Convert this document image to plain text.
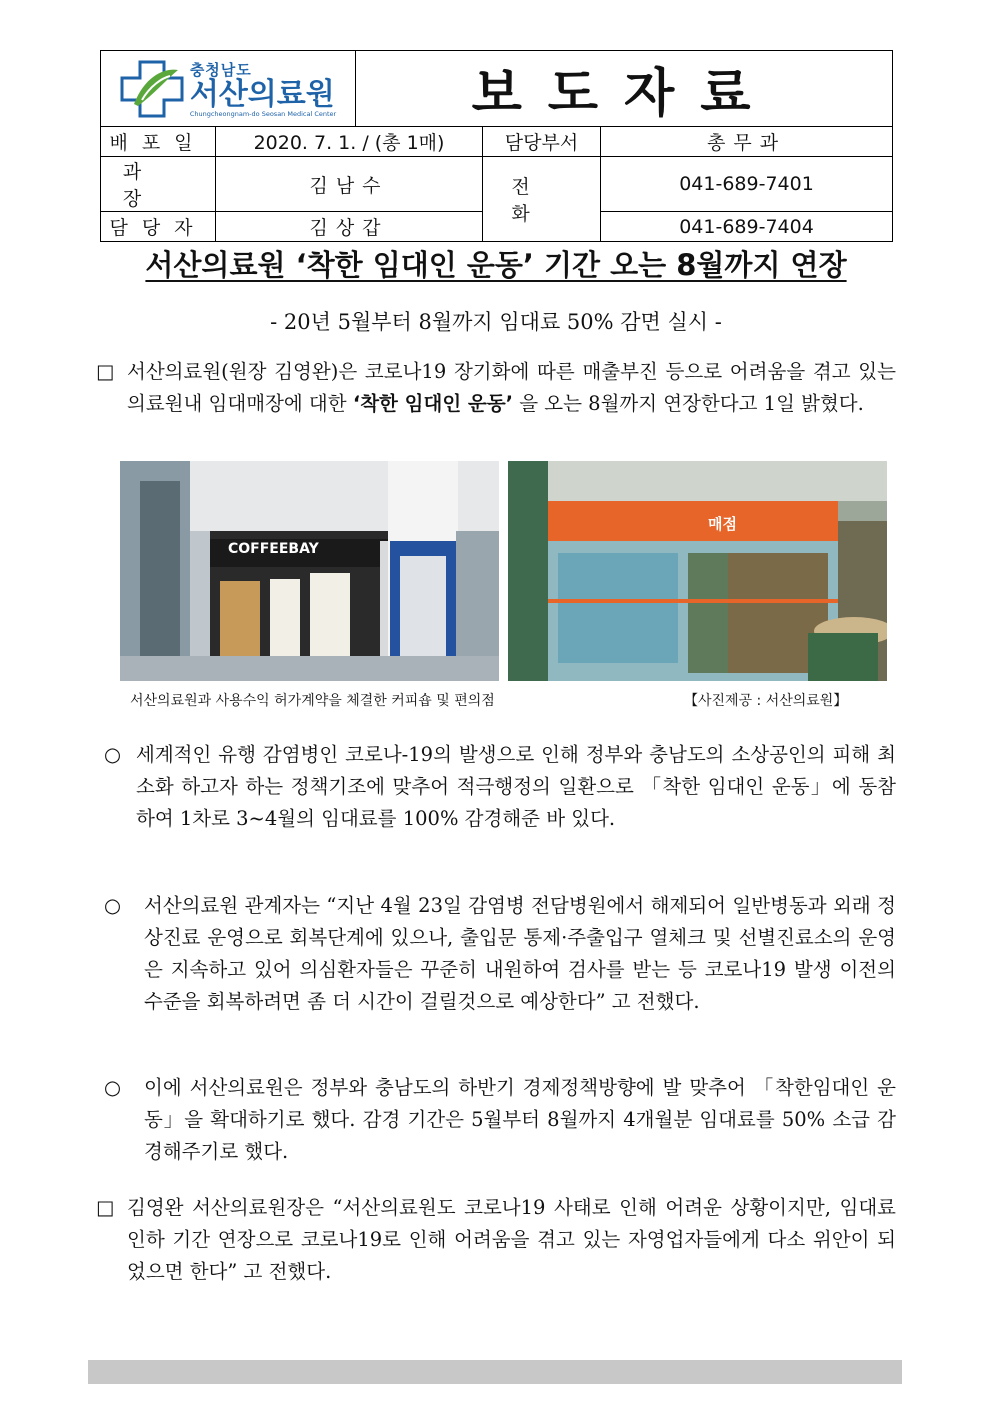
충청남도
서산의료원
Chungcheongnam-do Seosan Medical Center		보도자료		
배포일	2020. 7. 1. / (총 1매)		담당부서	총무과
과장	김남수		전화	041-689-7401
담당자	김상갑			041-689-7404
서산의료원 ‘착한 임대인 운동’ 기간 오는 8월까지 연장
- 20년 5월부터 8월까지 임대료 50% 감면 실시 -
□ 서산의료원(원장 김영완)은 코로나19 장기화에 따른 매출부진 등으로 어려움을 겪고 있는 의료원내 임대매장에 대한 ‘착한 임대인 운동’ 을 오는 8월까지 연장한다고 1일 밝혔다.
COFFEEBAY
매점
서산의료원과 사용수익 허가계약을 체결한 커피숍 및 편의점	【사진제공 : 서산의료원】
○ 세계적인 유행 감염병인 코로나-19의 발생으로 인해 정부와 충남도의 소상공인의 피해 최소화 하고자 하는 정책기조에 맞추어 적극행정의 일환으로 「착한 임대인 운동」에 동참하여 1차로 3~4월의 임대료를 100% 감경해준 바 있다.
○	서산의료원 관계자는 “지난 4월 23일 감염병 전담병원에서 해제되어 일반병동과 외래 정상진료 운영으로 회복단계에 있으나, 출입문 통제·주출입구 열체크 및 선별진료소의 운영은 지속하고 있어 의심환자들은 꾸준히 내원하여 검사를 받는 등 코로나19 발생 이전의 수준을 회복하려면 좀 더 시간이 걸릴것으로 예상한다” 고 전했다.
○	이에 서산의료원은 정부와 충남도의 하반기 경제정책방향에 발 맞추어 「착한임대인 운동」을 확대하기로 했다. 감경 기간은 5월부터 8월까지 4개월분 임대료를 50% 소급 감경해주기로 했다.
□ 김영완 서산의료원장은 “서산의료원도 코로나19 사태로 인해 어려운 상황이지만, 임대료 인하 기간 연장으로 코로나19로 인해 어려움을 겪고 있는 자영업자들에게 다소 위안이 되었으면 한다” 고 전했다.
